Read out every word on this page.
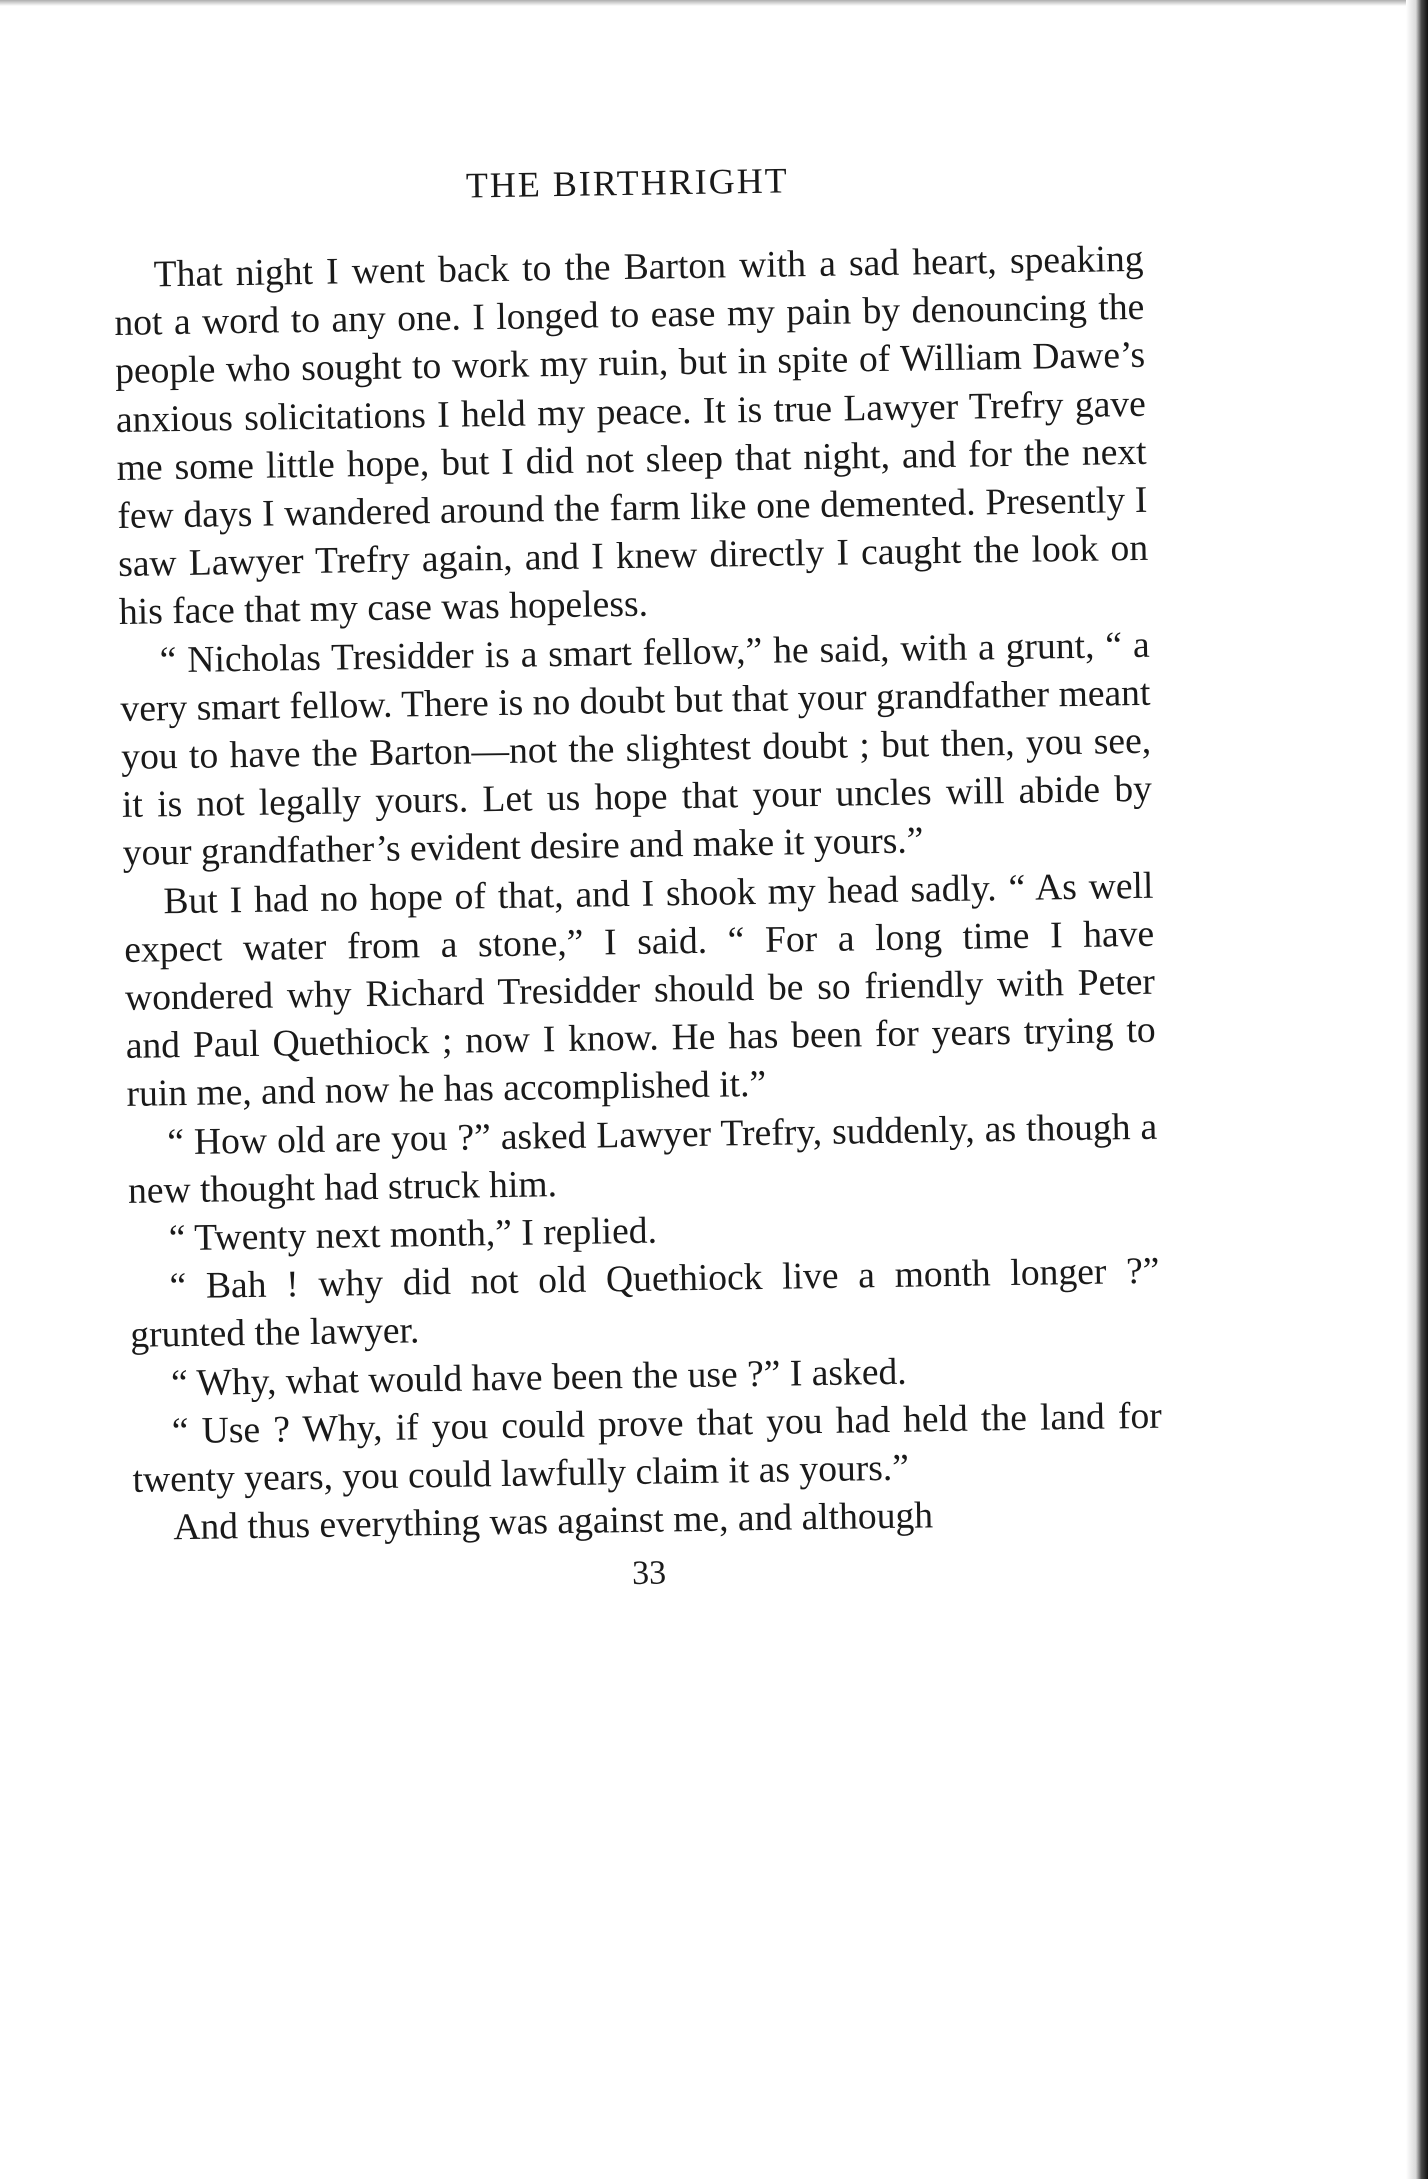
THE BIRTHRIGHT

That night I went back to the Barton with a sad heart, speaking not a word to any one. I longed to ease my pain by denouncing the people who sought to work my ruin, but in spite of William Dawe’s anxious solicitations I held my peace. It is true Lawyer Trefry gave me some little hope, but I did not sleep that night, and for the next few days I wandered around the farm like one demented. Presently I saw Lawyer Trefry again, and I knew directly I caught the look on his face that my case was hopeless.

“ Nicholas Tresidder is a smart fellow,” he said, with a grunt, “ a very smart fellow. There is no doubt but that your grandfather meant you to have the Barton—not the slightest doubt ; but then, you see, it is not legally yours. Let us hope that your uncles will abide by your grandfather’s evident desire and make it yours.”

But I had no hope of that, and I shook my head sadly. “ As well expect water from a stone,” I said. “ For a long time I have wondered why Richard Tresidder should be so friendly with Peter and Paul Quethiock ; now I know. He has been for years trying to ruin me, and now he has accomplished it.”

“ How old are you ?” asked Lawyer Trefry, suddenly, as though a new thought had struck him.

“ Twenty next month,” I replied.

“ Bah ! why did not old Quethiock live a month longer ?” grunted the lawyer.

“ Why, what would have been the use ?” I asked.

“ Use ? Why, if you could prove that you had held the land for twenty years, you could lawfully claim it as yours.”

And thus everything was against me, and although

33
